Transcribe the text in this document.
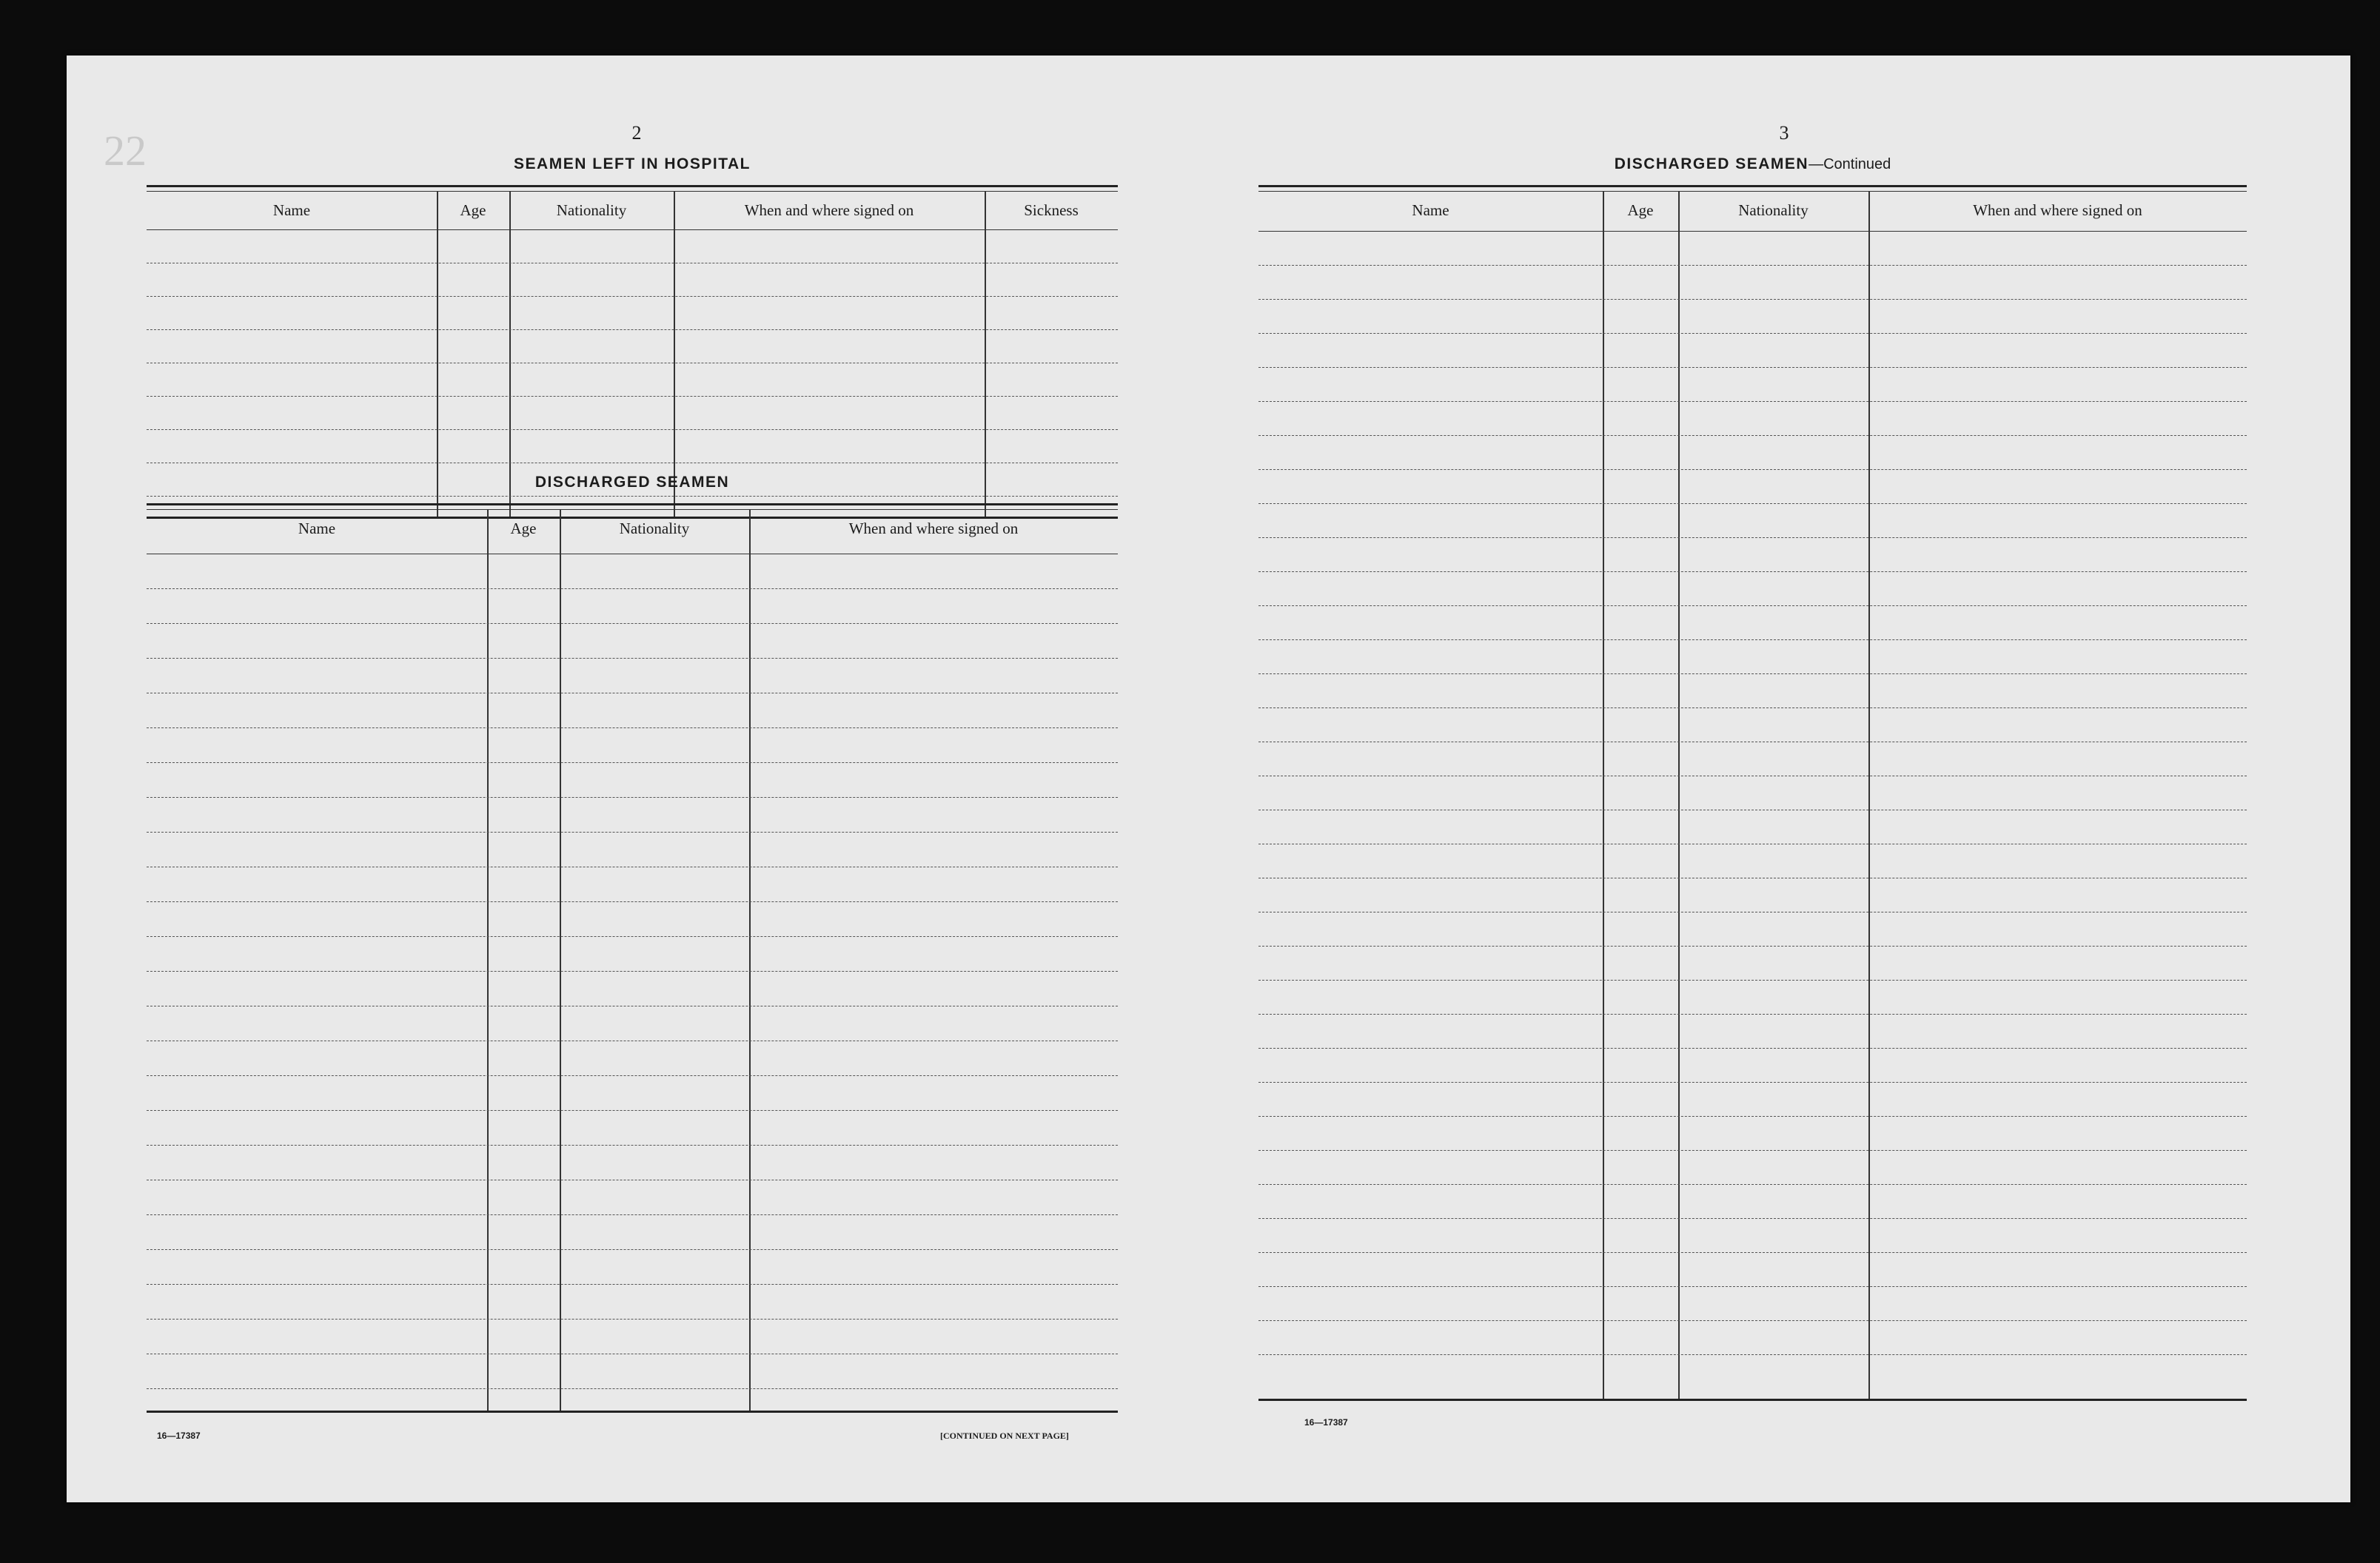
22	2
SEAMEN LEFT IN HOSPITAL
Name	Age	Nationality	When and where signed on	Sickness
DISCHARGED SEAMEN
Name	Age	Nationality	When and where signed on
16—17387	[CONTINUED ON NEXT PAGE]
3
DISCHARGED SEAMEN—Continued
Name	Age	Nationality	When and where signed on
16—17387
